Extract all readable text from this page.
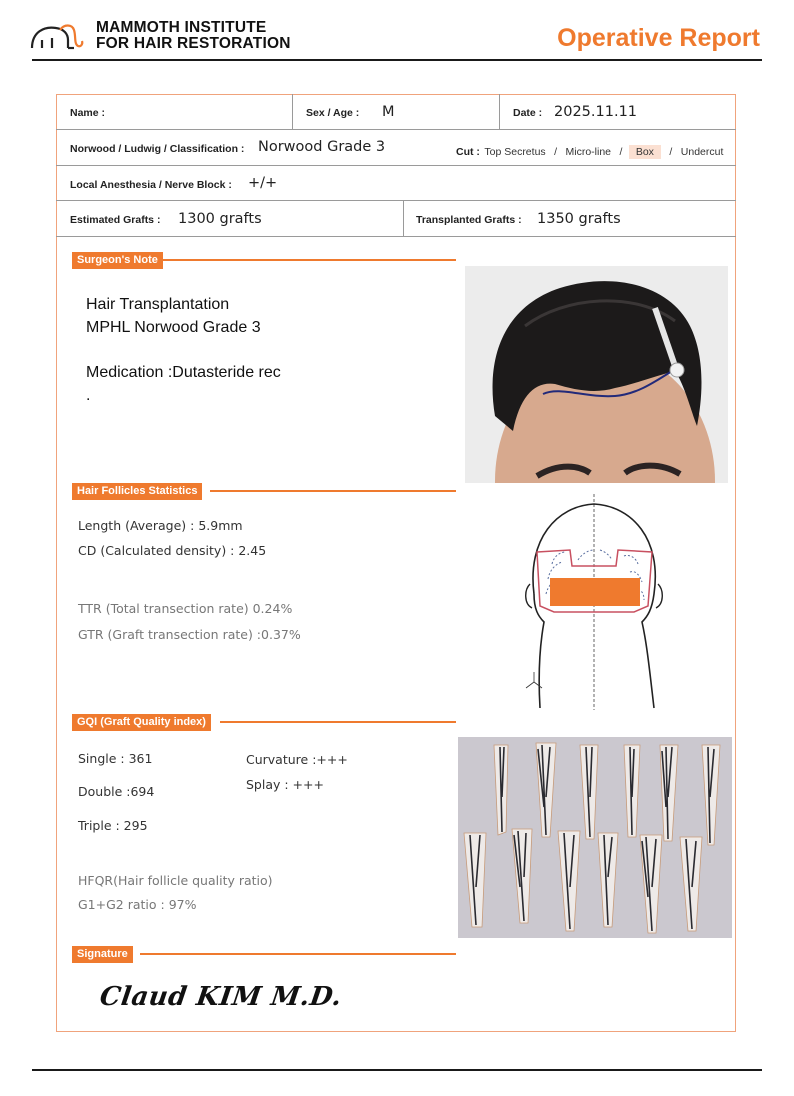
MAMMOTH INSTITUTE
FOR HAIR RESTORATION	Operative Report
Name :	Sex / Age : M	Date : 2025.11.11
Norwood / Ludwig / Classification : Norwood Grade 3	Cut : Top Secretus / Micro-line / Box / Undercut
Local Anesthesia / Nerve Block : +/+
Estimated Grafts : 1300 grafts	Transplanted Grafts : 1350 grafts
Surgeon's Note
Hair Transplantation
MPHL Norwood Grade 3
Medication :Dutasteride rec
.
Hair Follicles Statistics
Length (Average) : 5.9mm
CD (Calculated density) : 2.45
TTR (Total transection rate) 0.24%
GTR (Graft transection rate) :0.37%
GQI (Graft Quality index)
Single : 361
Double :694
Triple : 295
Curvature :+++
Splay : +++
HFQR(Hair follicle quality ratio)
G1+G2 ratio : 97%
Signature
Claud KIM M.D.
